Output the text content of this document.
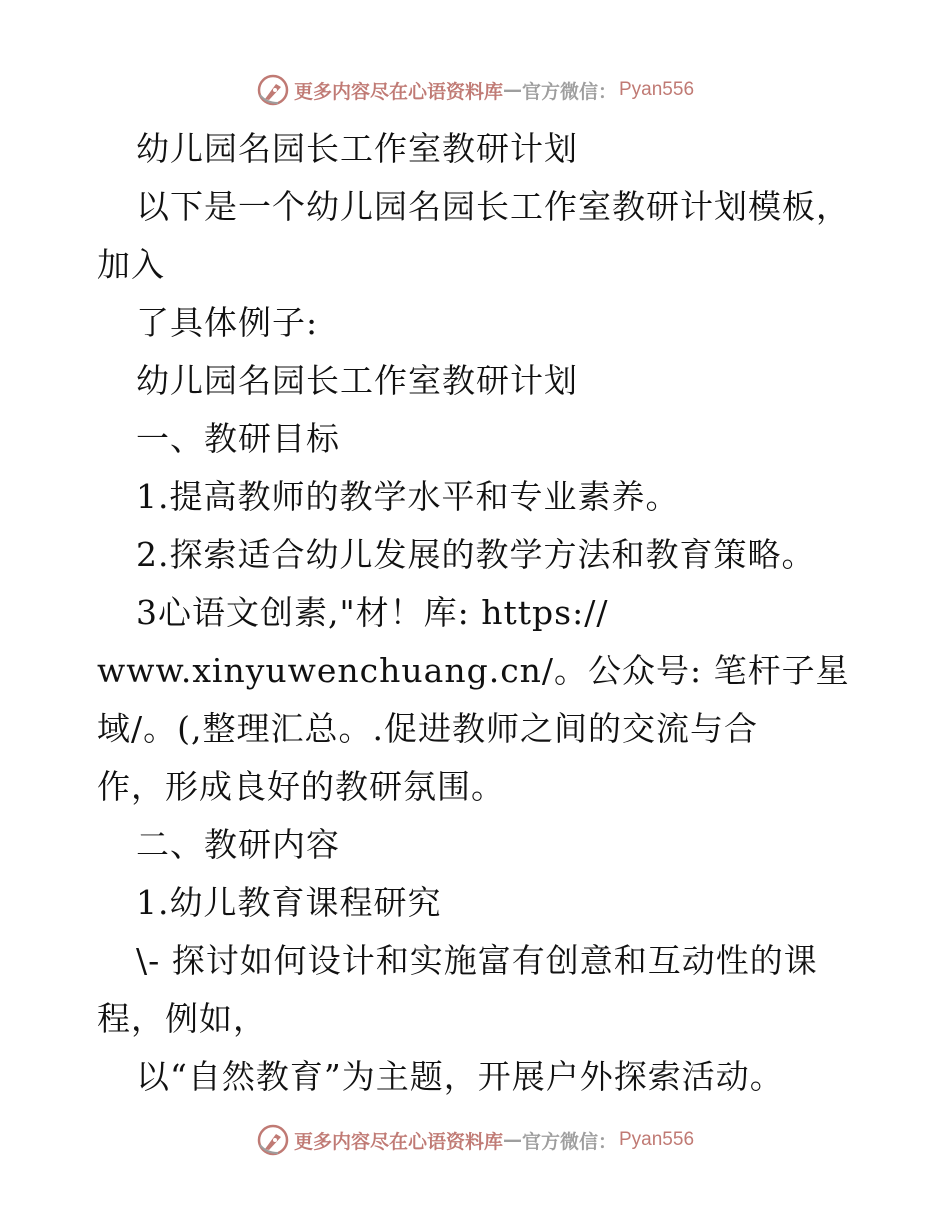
更多内容尽在心语资料库 — 官方微信： Pyan556
幼儿园名园长工作室教研计划
以下是一个幼儿园名园长工作室教研计划模板，
加入
了具体例子:
幼儿园名园长工作室教研计划
一、教研目标
1.提高教师的教学水平和专业素养。
2.探索适合幼儿发展的教学方法和教育策略。
3心语文创素,"材！库: https://
www.xinyuwenchuang.cn/。公众号: 笔杆子星
域/。(,整理汇总。.促进教师之间的交流与合
作，形成良好的教研氛围。
二、教研内容
1.幼儿教育课程研究
\- 探讨如何设计和实施富有创意和互动性的课
程，例如，
以“自然教育”为主题，开展户外探索活动。
更多内容尽在心语资料库 — 官方微信： Pyan556
